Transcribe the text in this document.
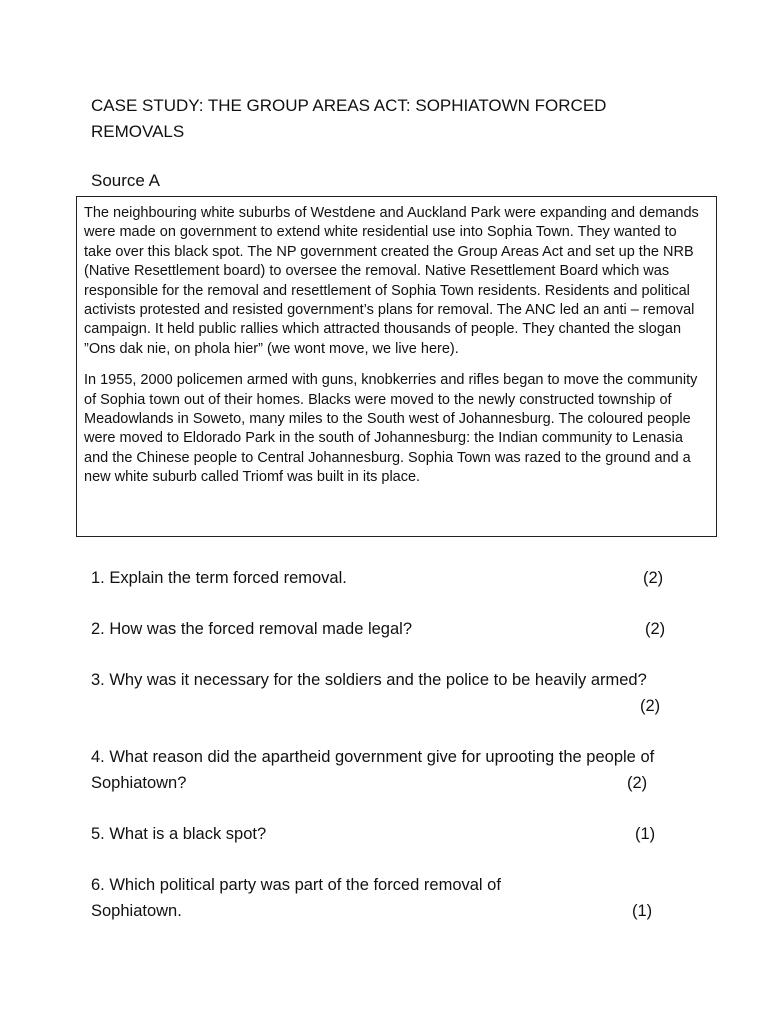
CASE STUDY: THE GROUP AREAS ACT: SOPHIATOWN FORCED REMOVALS
Source A

The neighbouring white suburbs of Westdene and Auckland Park were expanding and demands were made on government to extend white residential use into Sophia Town. They wanted to take over this black spot. The NP government created the Group Areas Act and set up the NRB (Native Resettlement board) to oversee the removal. Native Resettlement Board which was responsible for the removal and resettlement of Sophia Town residents. Residents and political activists protested and resisted government’s plans for removal. The ANC led an anti – removal campaign. It held public rallies which attracted thousands of people. They chanted the slogan ”Ons dak nie, on phola hier” (we wont move, we live here).

In 1955, 2000 policemen armed with guns, knobkerries and rifles began to move the community of Sophia town out of their homes. Blacks were moved to the newly constructed township of Meadowlands in Soweto, many miles to the South west of Johannesburg. The coloured people were moved to Eldorado Park in the south of Johannesburg: the Indian community to Lenasia and the Chinese people to Central Johannesburg. Sophia Town was razed to the ground and a new white suburb called Triomf was built in its place.

1. Explain the term forced removal.	(2)
2. How was the forced removal made legal?	(2)
3. Why was it necessary for the soldiers and the police to be heavily armed?
(2)
4. What reason did the apartheid government give for uprooting the people of Sophiatown?	(2)
5. What is a black spot?	(1)
6. Which political party was part of the forced removal of Sophiatown.	(1)
